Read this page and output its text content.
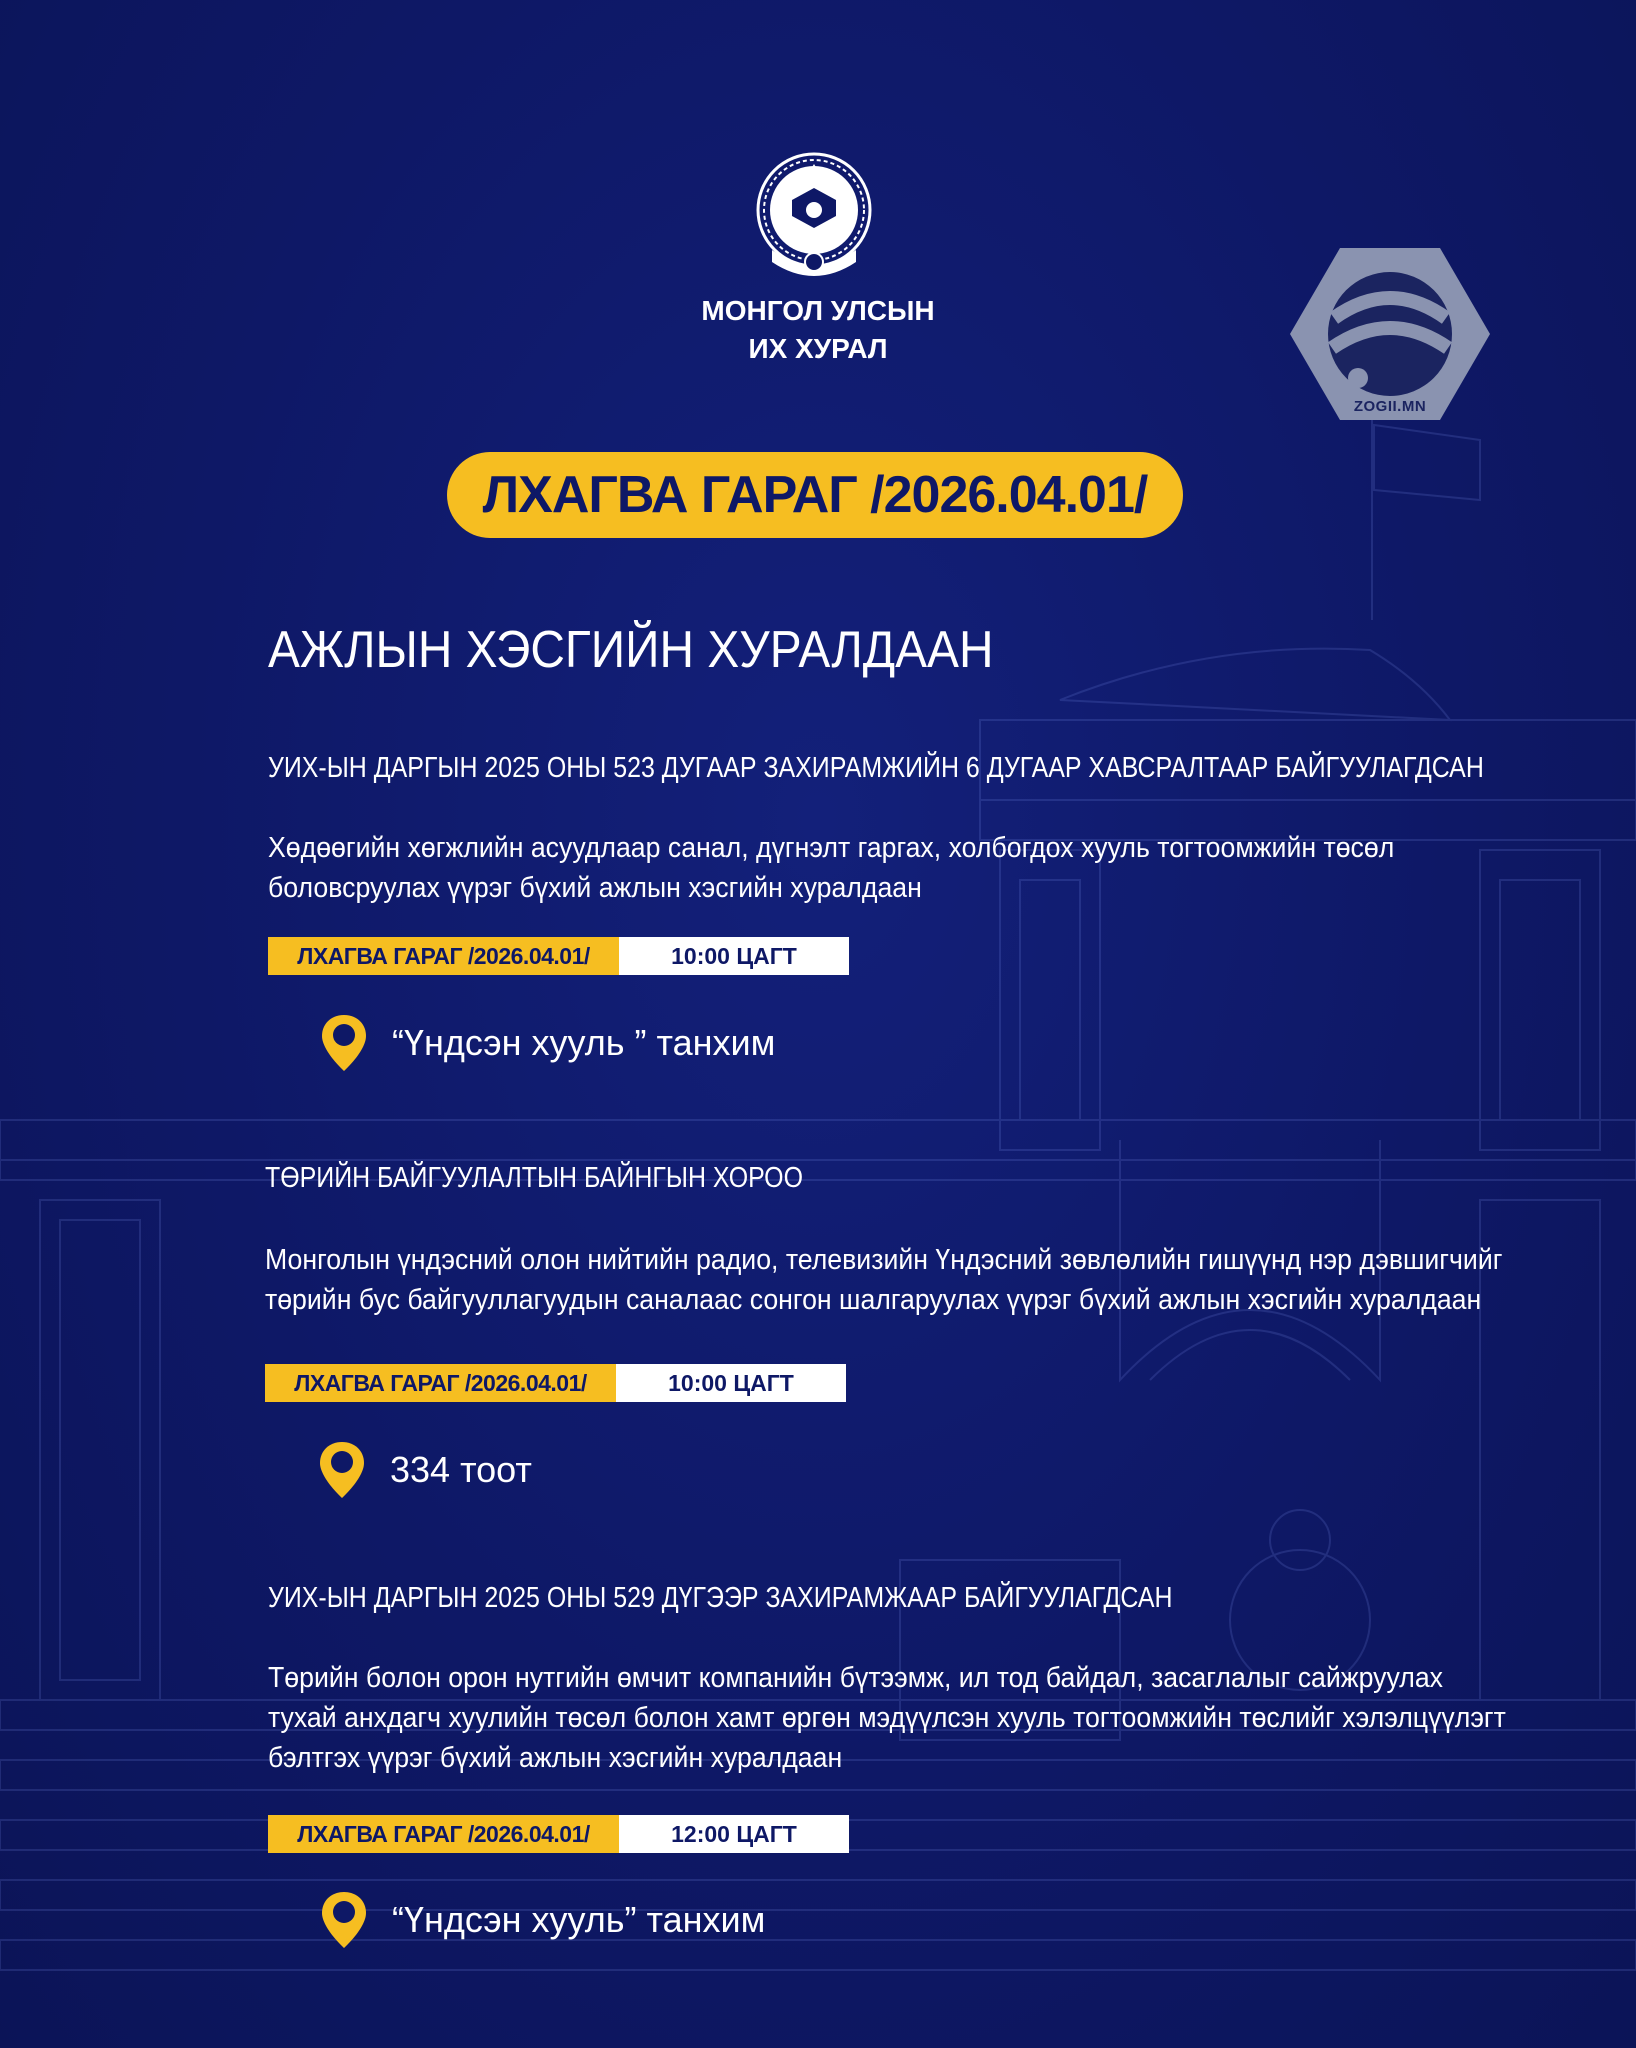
МОНГОЛ УЛСЫН
ИХ ХУРАЛ
ZOGII.MN
ЛХАГВА ГАРАГ /2026.04.01/
АЖЛЫН ХЭСГИЙН ХУРАЛДААН
УИХ-ЫН ДАРГЫН 2025 ОНЫ 523 ДУГААР ЗАХИРАМЖИЙН 6 ДУГААР ХАВСРАЛТААР БАЙГУУЛАГДСАН
Хөдөөгийн хөгжлийн асуудлаар санал, дүгнэлт гаргах, холбогдох хууль тогтоомжийн төсөл
боловсруулах үүрэг бүхий ажлын хэсгийн хуралдаан
ЛХАГВА ГАРАГ /2026.04.01/	10:00 ЦАГТ
“Үндсэн хууль ” танхим
ТӨРИЙН БАЙГУУЛАЛТЫН БАЙНГЫН ХОРОО
Монголын үндэсний олон нийтийн радио, телевизийн Үндэсний зөвлөлийн гишүүнд нэр дэвшигчийг
төрийн бус байгууллагуудын саналаас сонгон шалгаруулах үүрэг бүхий ажлын хэсгийн хуралдаан
ЛХАГВА ГАРАГ /2026.04.01/	10:00 ЦАГТ
334 тоот
УИХ-ЫН ДАРГЫН 2025 ОНЫ 529 ДҮГЭЭР ЗАХИРАМЖААР БАЙГУУЛАГДСАН
Төрийн болон орон нутгийн өмчит компанийн бүтээмж, ил тод байдал, засаглалыг сайжруулах
тухай анхдагч хуулийн төсөл болон хамт өргөн мэдүүлсэн хууль тогтоомжийн төслийг хэлэлцүүлэгт
бэлтгэх үүрэг бүхий ажлын хэсгийн хуралдаан
ЛХАГВА ГАРАГ /2026.04.01/	12:00 ЦАГТ
“Үндсэн хууль” танхим
